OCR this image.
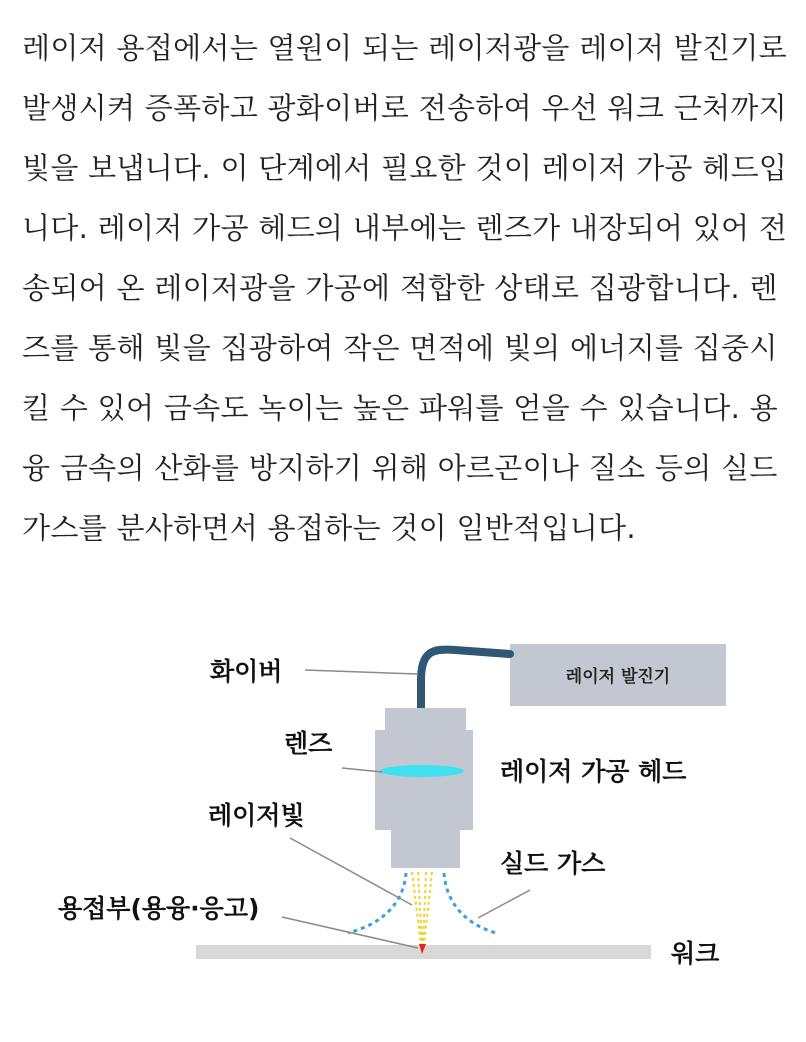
레이저 용접에서는 열원이 되는 레이저광을 레이저 발진기로 발생시켜 증폭하고 광화이버로 전송하여 우선 워크 근처까지 빛을 보냅니다. 이 단계에서 필요한 것이 레이저 가공 헤드입니다. 레이저 가공 헤드의 내부에는 렌즈가 내장되어 있어 전송되어 온 레이저광을 가공에 적합한 상태로 집광합니다. 렌즈를 통해 빛을 집광하여 작은 면적에 빛의 에너지를 집중시킬 수 있어 금속도 녹이는 높은 파워를 얻을 수 있습니다. 용융 금속의 산화를 방지하기 위해 아르곤이나 질소 등의 실드 가스를 분사하면서 용접하는 것이 일반적입니다.

레이저 발진기
화이버
렌즈
레이저 가공 헤드
레이저빛
실드 가스
용접부(용융·응고)
워크
